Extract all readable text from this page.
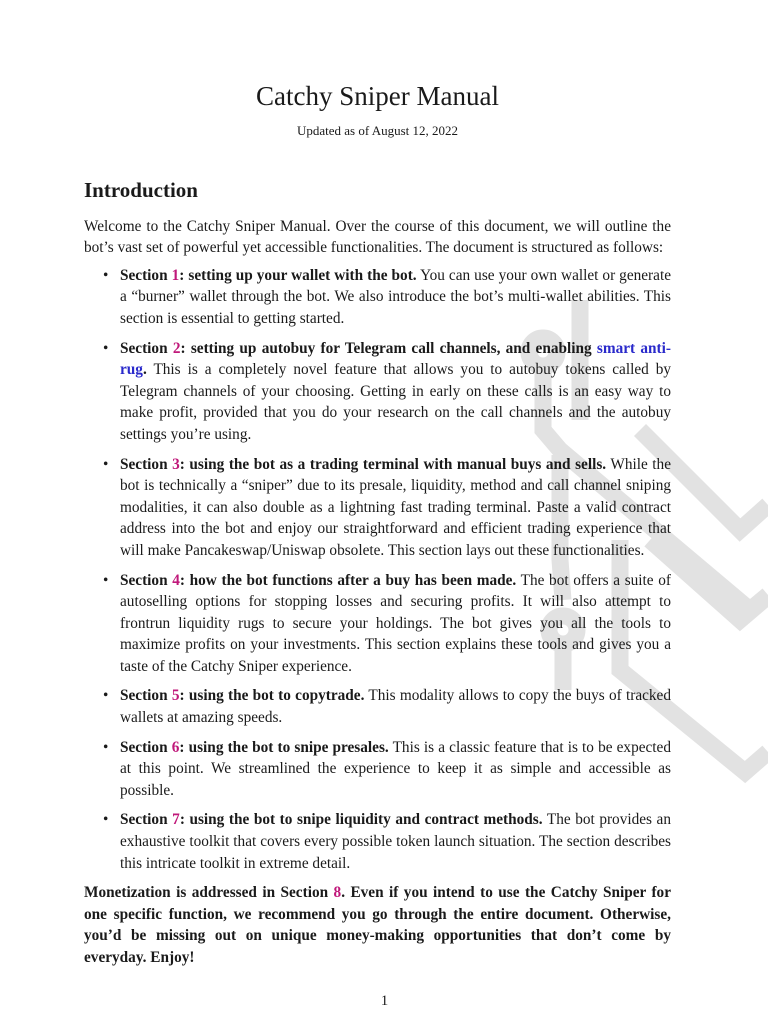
Catchy Sniper Manual
Updated as of August 12, 2022
Introduction

Welcome to the Catchy Sniper Manual. Over the course of this document, we will outline the bot’s vast set of powerful yet accessible functionalities. The document is structured as follows:

• Section 1: setting up your wallet with the bot. You can use your own wallet or generate a “burner” wallet through the bot. We also introduce the bot’s multi-wallet abilities. This section is essential to getting started.
• Section 2: setting up autobuy for Telegram call channels, and enabling smart anti-rug. This is a completely novel feature that allows you to autobuy tokens called by Telegram channels of your choosing. Getting in early on these calls is an easy way to make profit, provided that you do your research on the call channels and the autobuy settings you’re using.
• Section 3: using the bot as a trading terminal with manual buys and sells. While the bot is technically a “sniper” due to its presale, liquidity, method and call channel sniping modalities, it can also double as a lightning fast trading terminal. Paste a valid contract address into the bot and enjoy our straightforward and efficient trading experience that will make Pancakeswap/Uniswap obsolete. This section lays out these functionalities.
• Section 4: how the bot functions after a buy has been made. The bot offers a suite of autoselling options for stopping losses and securing profits. It will also attempt to frontrun liquidity rugs to secure your holdings. The bot gives you all the tools to maximize profits on your investments. This section explains these tools and gives you a taste of the Catchy Sniper experience.
• Section 5: using the bot to copytrade. This modality allows to copy the buys of tracked wallets at amazing speeds.
• Section 6: using the bot to snipe presales. This is a classic feature that is to be expected at this point. We streamlined the experience to keep it as simple and accessible as possible.
• Section 7: using the bot to snipe liquidity and contract methods. The bot provides an exhaustive toolkit that covers every possible token launch situation. The section describes this intricate toolkit in extreme detail.

Monetization is addressed in Section 8. Even if you intend to use the Catchy Sniper for one specific function, we recommend you go through the entire document. Otherwise, you’d be missing out on unique money-making opportunities that don’t come by everyday. Enjoy!

1
